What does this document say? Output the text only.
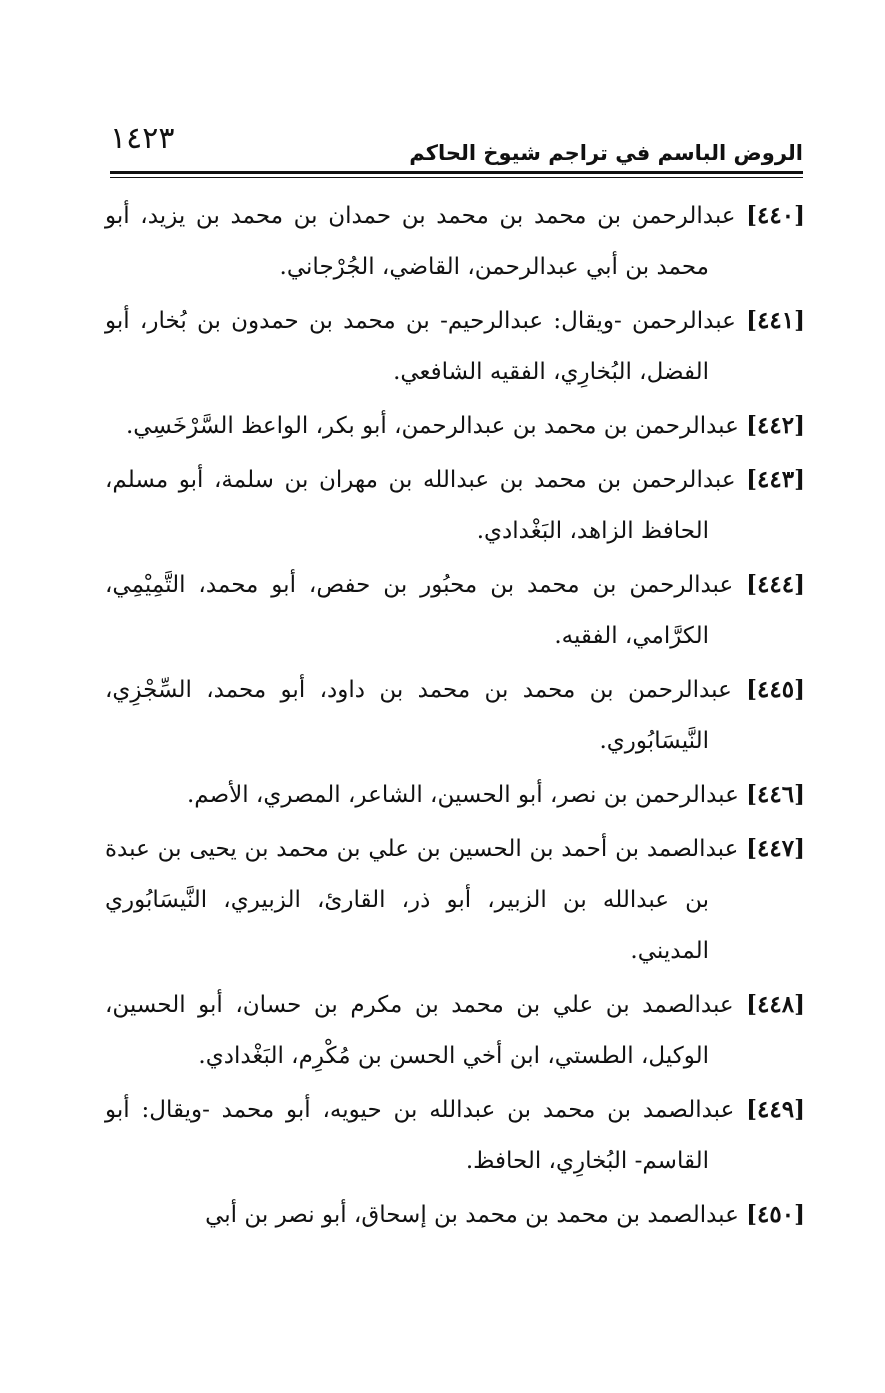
الروض الباسم في تراجم شيوخ الحاكم
١٤٢٣
[٤٤٠] عبدالرحمن بن محمد بن محمد بن حمدان بن محمد بن يزيد، أبو محمد بن أبي عبدالرحمن، القاضي، الجُرْجاني.
[٤٤١] عبدالرحمن -ويقال: عبدالرحيم- بن محمد بن حمدون بن بُخار، أبو الفضل، البُخارِي، الفقيه الشافعي.
[٤٤٢] عبدالرحمن بن محمد بن عبدالرحمن، أبو بكر، الواعظ السَّرْخَسِي.
[٤٤٣] عبدالرحمن بن محمد بن عبدالله بن مهران بن سلمة، أبو مسلم، الحافظ الزاهد، البَغْدادي.
[٤٤٤] عبدالرحمن بن محمد بن محبُور بن حفص، أبو محمد، التَّمِيْمِي، الكرَّامي، الفقيه.
[٤٤٥] عبدالرحمن بن محمد بن محمد بن داود، أبو محمد، السِّجْزِي، النَّيسَابُوري.
[٤٤٦] عبدالرحمن بن نصر، أبو الحسين، الشاعر، المصري، الأصم.
[٤٤٧] عبدالصمد بن أحمد بن الحسين بن علي بن محمد بن يحيى بن عبدة بن عبدالله بن الزبير، أبو ذر، القارئ، الزبيري، النَّيسَابُوري المديني.
[٤٤٨] عبدالصمد بن علي بن محمد بن مكرم بن حسان، أبو الحسين، الوكيل، الطستي، ابن أخي الحسن بن مُكْرِم، البَغْدادي.
[٤٤٩] عبدالصمد بن محمد بن عبدالله بن حيويه، أبو محمد -ويقال: أبو القاسم- البُخارِي، الحافظ.
[٤٥٠] عبدالصمد بن محمد بن محمد بن إسحاق، أبو نصر بن أبي
